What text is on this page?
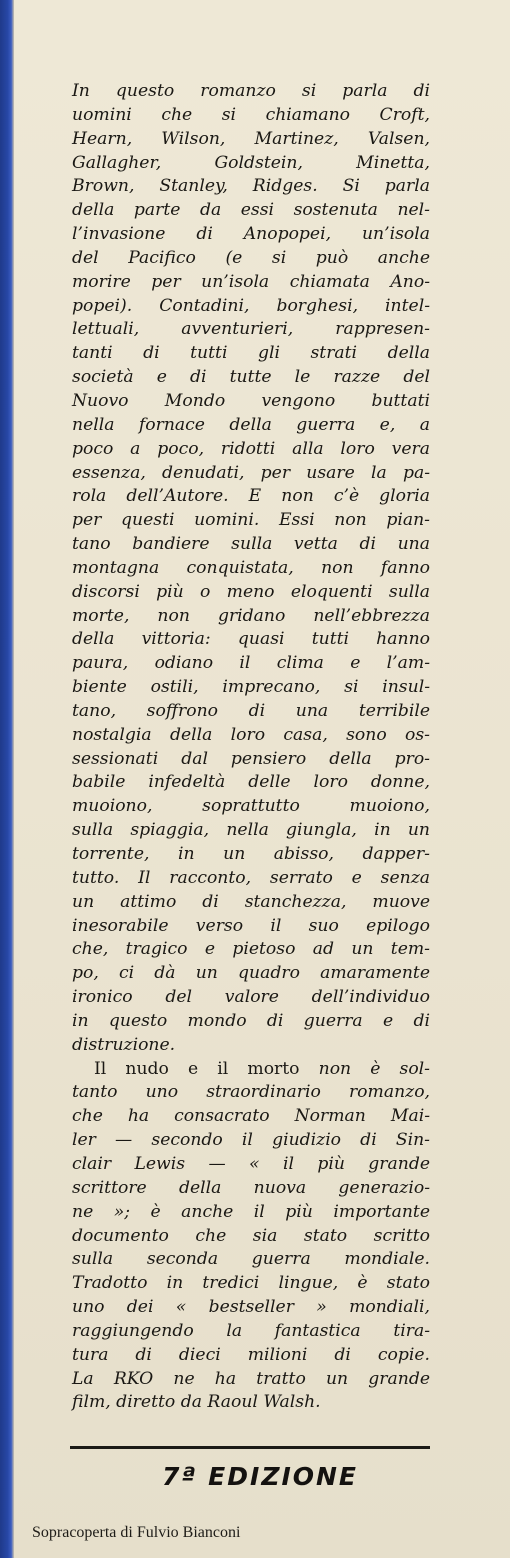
In questo romanzo si parla di
uomini che si chiamano Croft,
Hearn, Wilson, Martinez, Valsen,
Gallagher, Goldstein, Minetta,
Brown, Stanley, Ridges. Si parla
della parte da essi sostenuta nel-
l’invasione di Anopopei, un’isola
del Pacifico (e si può anche
morire per un’isola chiamata Ano-
popei). Contadini, borghesi, intel-
lettuali, avventurieri, rappresen-
tanti di tutti gli strati della
società e di tutte le razze del
Nuovo Mondo vengono buttati
nella fornace della guerra e, a
poco a poco, ridotti alla loro vera
essenza, denudati, per usare la pa-
rola dell’Autore. E non c’è gloria
per questi uomini. Essi non pian-
tano bandiere sulla vetta di una
montagna conquistata, non fanno
discorsi più o meno eloquenti sulla
morte, non gridano nell’ebbrezza
della vittoria: quasi tutti hanno
paura, odiano il clima e l’am-
biente ostili, imprecano, si insul-
tano, soffrono di una terribile
nostalgia della loro casa, sono os-
sessionati dal pensiero della pro-
babile infedeltà delle loro donne,
muoiono, soprattutto muoiono,
sulla spiaggia, nella giungla, in un
torrente, in un abisso, dapper-
tutto. Il racconto, serrato e senza
un attimo di stanchezza, muove
inesorabile verso il suo epilogo
che, tragico e pietoso ad un tem-
po, ci dà un quadro amaramente
ironico del valore dell’individuo
in questo mondo di guerra e di
distruzione.
Il nudo e il morto non è sol-
tanto uno straordinario romanzo,
che ha consacrato Norman Mai-
ler — secondo il giudizio di Sin-
clair Lewis — « il più grande
scrittore della nuova generazio-
ne »; è anche il più importante
documento che sia stato scritto
sulla seconda guerra mondiale.
Tradotto in tredici lingue, è stato
uno dei « bestseller » mondiali,
raggiungendo la fantastica tira-
tura di dieci milioni di copie.
La RKO ne ha tratto un grande
film, diretto da Raoul Walsh.
7ª EDIZIONE
Sopracoperta di Fulvio Bianconi
